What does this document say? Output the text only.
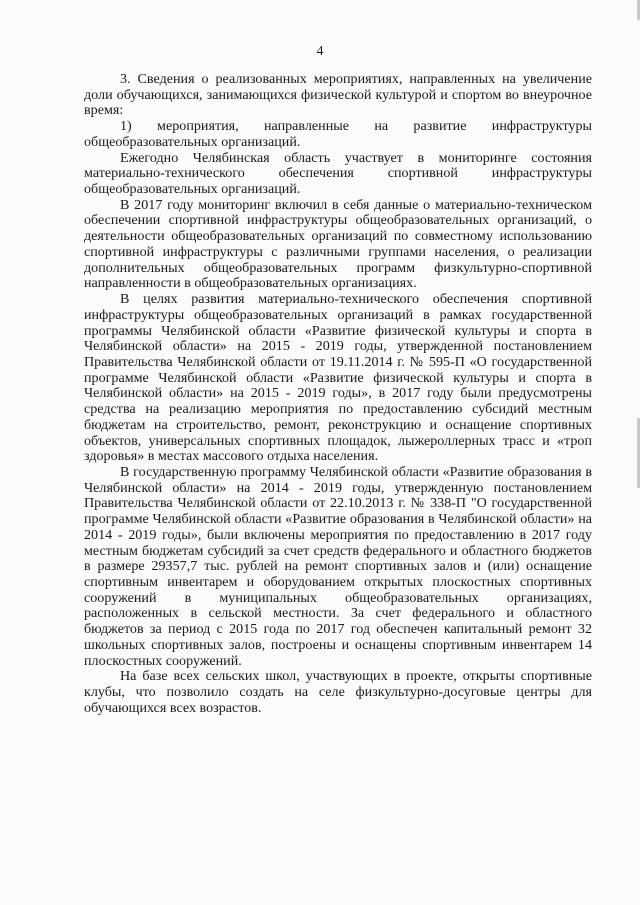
4

3. Сведения о реализованных мероприятиях, направленных на увеличение доли обучающихся, занимающихся физической культурой и спортом во внеурочное время:

1) мероприятия, направленные на развитие инфраструктуры общеобразовательных организаций.

Ежегодно Челябинская область участвует в мониторинге состояния материально-технического обеспечения спортивной инфраструктуры общеобразовательных организаций.

В 2017 году мониторинг включил в себя данные о материально-техническом обеспечении спортивной инфраструктуры общеобразовательных организаций, о деятельности общеобразовательных организаций по совместному использованию спортивной инфраструктуры с различными группами населения, о реализации дополнительных общеобразовательных программ физкультурно-спортивной направленности в общеобразовательных организациях.

В целях развития материально-технического обеспечения спортивной инфраструктуры общеобразовательных организаций в рамках государственной программы Челябинской области «Развитие физической культуры и спорта в Челябинской области» на 2015 - 2019 годы, утвержденной постановлением Правительства Челябинской области от 19.11.2014 г. № 595-П «О государственной программе Челябинской области «Развитие физической культуры и спорта в Челябинской области» на 2015 - 2019 годы», в 2017 году были предусмотрены средства на реализацию мероприятия по предоставлению субсидий местным бюджетам на строительство, ремонт, реконструкцию и оснащение спортивных объектов, универсальных спортивных площадок, лыжероллерных трасс и «троп здоровья» в местах массового отдыха населения.

В государственную программу Челябинской области «Развитие образования в Челябинской области» на 2014 - 2019 годы, утвержденную постановлением Правительства Челябинской области от 22.10.2013 г. № 338-П "О государственной программе Челябинской области «Развитие образования в Челябинской области» на 2014 - 2019 годы», были включены мероприятия по предоставлению в 2017 году местным бюджетам субсидий за счет средств федерального и областного бюджетов в размере 29357,7 тыс. рублей на ремонт спортивных залов и (или) оснащение спортивным инвентарем и оборудованием открытых плоскостных спортивных сооружений в муниципальных общеобразовательных организациях, расположенных в сельской местности. За счет федерального и областного бюджетов за период с 2015 года по 2017 год обеспечен капитальный ремонт 32 школьных спортивных залов, построены и оснащены спортивным инвентарем 14 плоскостных сооружений.

На базе всех сельских школ, участвующих в проекте, открыты спортивные клубы, что позволило создать на селе физкультурно-досуговые центры для обучающихся всех возрастов.
